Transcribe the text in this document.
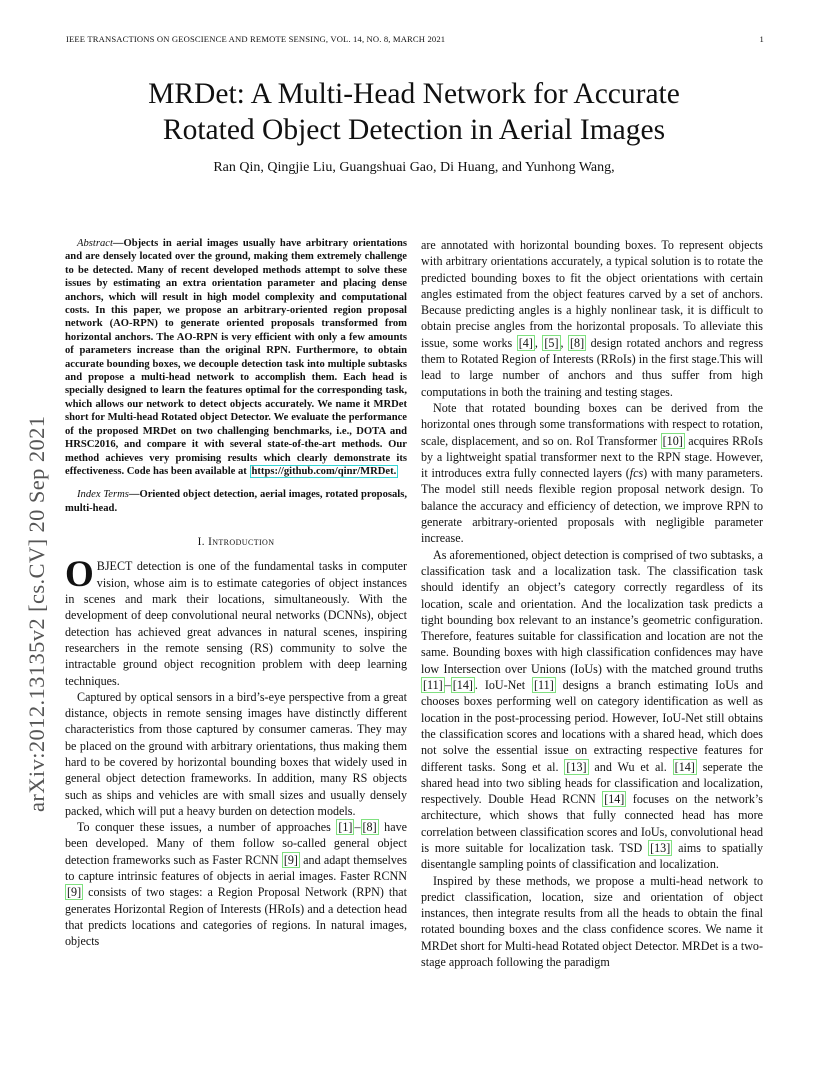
IEEE TRANSACTIONS ON GEOSCIENCE AND REMOTE SENSING, VOL. 14, NO. 8, MARCH 2021	1
arXiv:2012.13135v2 [cs.CV] 20 Sep 2021
MRDet: A Multi-Head Network for Accurate
Rotated Object Detection in Aerial Images
Ran Qin, Qingjie Liu, Guangshuai Gao, Di Huang, and Yunhong Wang,
Abstract—Objects in aerial images usually have arbitrary orientations and are densely located over the ground, making them extremely challenge to be detected. Many of recent developed methods attempt to solve these issues by estimating an extra orientation parameter and placing dense anchors, which will result in high model complexity and computational costs. In this paper, we propose an arbitrary-oriented region proposal network (AO-RPN) to generate oriented proposals transformed from horizontal anchors. The AO-RPN is very efficient with only a few amounts of parameters increase than the original RPN. Furthermore, to obtain accurate bounding boxes, we decouple detection task into multiple subtasks and propose a multi-head network to accomplish them. Each head is specially designed to learn the features optimal for the corresponding task, which allows our network to detect objects accurately. We name it MRDet short for Multi-head Rotated object Detector. We evaluate the performance of the proposed MRDet on two challenging benchmarks, i.e., DOTA and HRSC2016, and compare it with several state-of-the-art methods. Our method achieves very promising results which clearly demonstrate its effectiveness. Code has been available at https://github.com/qinr/MRDet.
Index Terms—Oriented object detection, aerial images, rotated proposals, multi-head.
I. Introduction

OBJECT detection is one of the fundamental tasks in computer vision, whose aim is to estimate categories of object instances in scenes and mark their locations, simultaneously. With the development of deep convolutional neural networks (DCNNs), object detection has achieved great advances in natural scenes, inspiring researchers in the remote sensing (RS) community to solve the intractable ground object recognition problem with deep learning techniques.

Captured by optical sensors in a bird’s-eye perspective from a great distance, objects in remote sensing images have distinctly different characteristics from those captured by consumer cameras. They may be placed on the ground with arbitrary orientations, thus making them hard to be covered by horizontal bounding boxes that widely used in general object detection frameworks. In addition, many RS objects such as ships and vehicles are with small sizes and usually densely packed, which will put a heavy burden on detection models.

To conquer these issues, a number of approaches [1] – [8] have been developed. Many of them follow so-called general object detection frameworks such as Faster RCNN [9] and adapt themselves to capture intrinsic features of objects in aerial images. Faster RCNN [9] consists of two stages: a Region Proposal Network (RPN) that generates Horizontal Region of Interests (HRoIs) and a detection head that predicts locations and categories of regions. In natural images, objects

are annotated with horizontal bounding boxes. To represent objects with arbitrary orientations accurately, a typical solution is to rotate the predicted bounding boxes to fit the object orientations with certain angles estimated from the object features carved by a set of anchors. Because predicting angles is a highly nonlinear task, it is difficult to obtain precise angles from the horizontal proposals. To alleviate this issue, some works [4] , [5] , [8] design rotated anchors and regress them to Rotated Region of Interests (RRoIs) in the first stage.This will lead to large number of anchors and thus suffer from high computations in both the training and testing stages.

Note that rotated bounding boxes can be derived from the horizontal ones through some transformations with respect to rotation, scale, displacement, and so on. RoI Transformer [10] acquires RRoIs by a lightweight spatial transformer next to the RPN stage. However, it introduces extra fully connected layers (fcs) with many parameters. The model still needs flexible region proposal network design. To balance the accuracy and efficiency of detection, we improve RPN to generate arbitrary-oriented proposals with negligible parameter increase.

As aforementioned, object detection is comprised of two subtasks, a classification task and a localization task. The classification task should identify an object’s category correctly regardless of its location, scale and orientation. And the localization task predicts a tight bounding box relevant to an instance’s geometric configuration. Therefore, features suitable for classification and location are not the same. Bounding boxes with high classification confidences may have low Intersection over Unions (IoUs) with the matched ground truths [11] – [14] . IoU-Net [11] designs a branch estimating IoUs and chooses boxes performing well on category identification as well as location in the post-processing period. However, IoU-Net still obtains the classification scores and locations with a shared head, which does not solve the essential issue on extracting respective features for different tasks. Song et al. [13] and Wu et al. [14] seperate the shared head into two sibling heads for classification and localization, respectively. Double Head RCNN [14] focuses on the network’s architecture, which shows that fully connected head has more correlation between classification scores and IoUs, convolutional head is more suitable for localization task. TSD [13] aims to spatially disentangle sampling points of classification and localization.

Inspired by these methods, we propose a multi-head network to predict classification, location, size and orientation of object instances, then integrate results from all the heads to obtain the final rotated bounding boxes and the class confidence scores. We name it MRDet short for Multi-head Rotated object Detector. MRDet is a two-stage approach following the paradigm
